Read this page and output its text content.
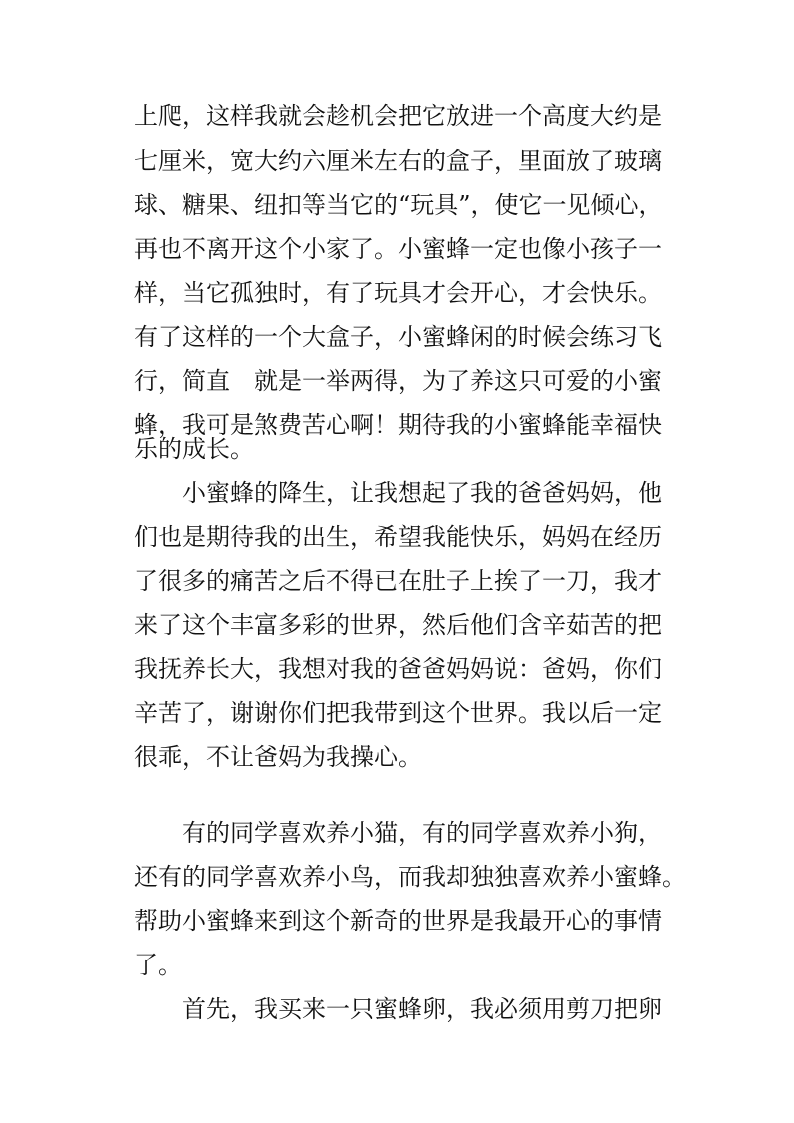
上爬，这样我就会趁机会把它放进一个高度大约是
七厘米，宽大约六厘米左右的盒子，里面放了玻璃
球、糖果、纽扣等当它的“玩具”，使它一见倾心，
再也不离开这个小家了。小蜜蜂一定也像小孩子一
样，当它孤独时，有了玩具才会开心，才会快乐。
有了这样的一个大盒子，小蜜蜂闲的时候会练习飞
行，简直　就是一举两得，为了养这只可爱的小蜜
蜂，我可是煞费苦心啊！期待我的小蜜蜂能幸福快
乐的成长。
小蜜蜂的降生，让我想起了我的爸爸妈妈，他
们也是期待我的出生，希望我能快乐，妈妈在经历
了很多的痛苦之后不得已在肚子上挨了一刀，我才
来了这个丰富多彩的世界，然后他们含辛茹苦的把
我抚养长大，我想对我的爸爸妈妈说：爸妈，你们
辛苦了，谢谢你们把我带到这个世界。我以后一定
很乖，不让爸妈为我操心。
有的同学喜欢养小猫，有的同学喜欢养小狗，
还有的同学喜欢养小鸟，而我却独独喜欢养小蜜蜂。
帮助小蜜蜂来到这个新奇的世界是我最开心的事情
了。
首先，我买来一只蜜蜂卵，我必须用剪刀把卵
